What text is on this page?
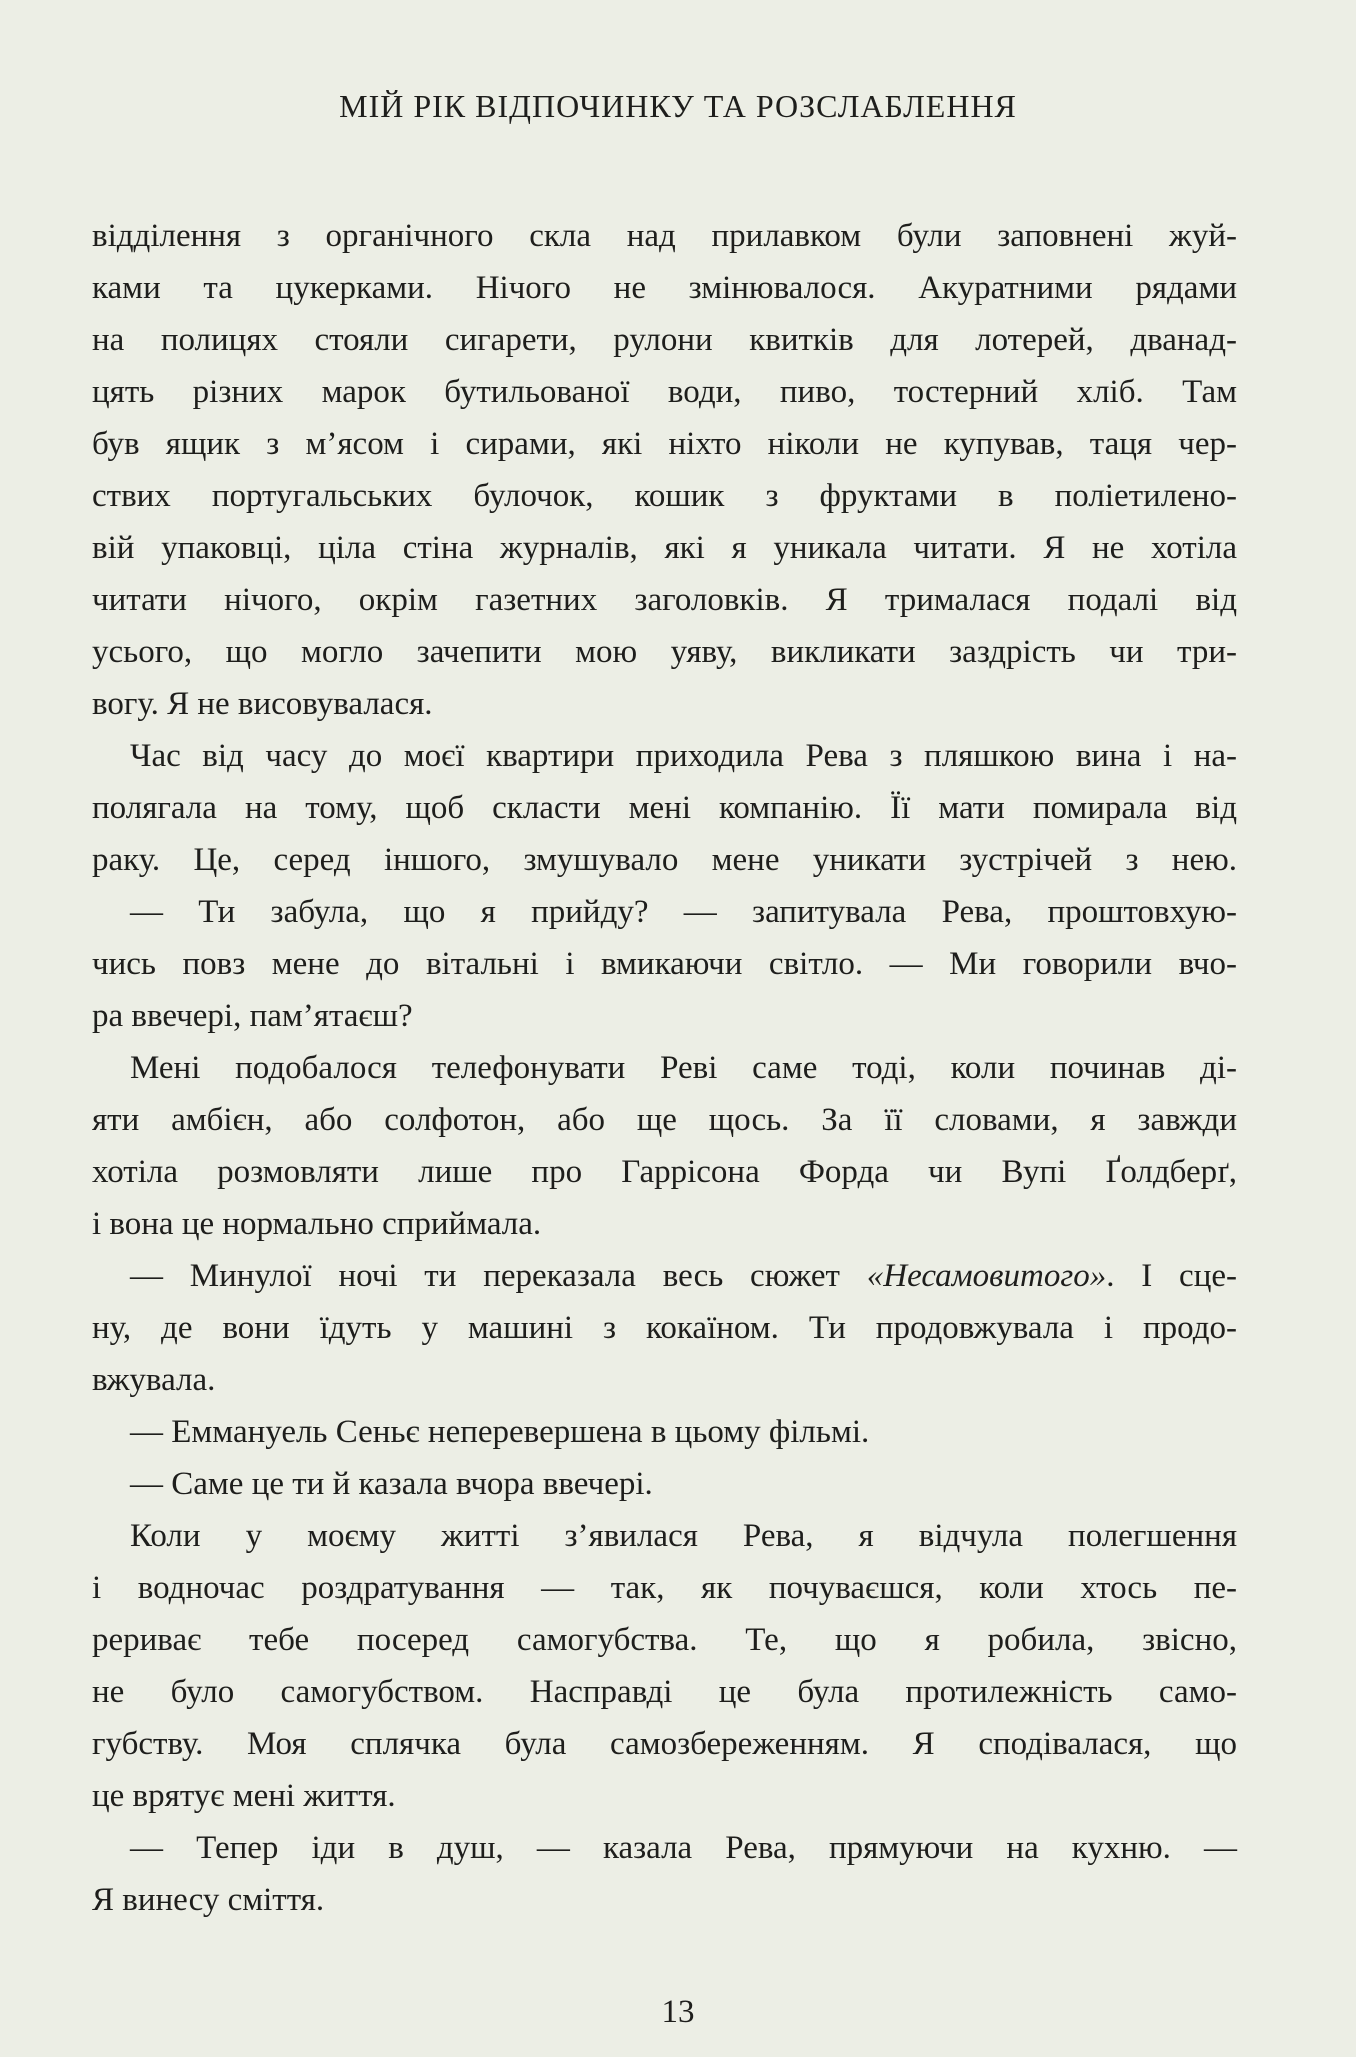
МІЙ РІК ВІДПОЧИНКУ ТА РОЗСЛАБЛЕННЯ
відділення з органічного скла над прилавком були заповнені жуй-
ками та цукерками. Нічого не змінювалося. Акуратними рядами
на полицях стояли сигарети, рулони квитків для лотерей, дванад-
цять різних марок бутильованої води, пиво, тостерний хліб. Там
був ящик з м’ясом і сирами, які ніхто ніколи не купував, таця чер-
ствих португальських булочок, кошик з фруктами в поліетилено-
вій упаковці, ціла стіна журналів, які я уникала читати. Я не хотіла
читати нічого, окрім газетних заголовків. Я трималася подалі від
усього, що могло зачепити мою уяву, викликати заздрість чи три-
вогу. Я не висовувалася.
Час від часу до моєї квартири приходила Рева з пляшкою вина і на-
полягала на тому, щоб скласти мені компанію. Її мати помирала від
раку. Це, серед іншого, змушувало мене уникати зустрічей з нею.
— Ти забула, що я прийду? — запитувала Рева, проштовхую-
чись повз мене до вітальні і вмикаючи світло. — Ми говорили вчо-
ра ввечері, пам’ятаєш?
Мені подобалося телефонувати Реві саме тоді, коли починав ді-
яти амбієн, або солфотон, або ще щось. За її словами, я завжди
хотіла розмовляти лише про Гаррісона Форда чи Вупі Ґолдберґ,
і вона це нормально сприймала.
— Минулої ночі ти переказала весь сюжет «Несамовитого». І сце-
ну, де вони їдуть у машині з кокаїном. Ти продовжувала і продо-
вжувала.
— Еммануель Сеньє неперевершена в цьому фільмі.
— Саме це ти й казала вчора ввечері.
Коли у моєму житті з’явилася Рева, я відчула полегшення
і водночас роздратування — так, як почуваєшся, коли хтось пе-
рериває тебе посеред самогубства. Те, що я робила, звісно,
не було самогубством. Насправді це була протилежність само-
губству. Моя сплячка була самозбереженням. Я сподівалася, що
це врятує мені життя.
13
— Тепер іди в душ, — казала Рева, прямуючи на кухню. —
Я винесу сміття.
